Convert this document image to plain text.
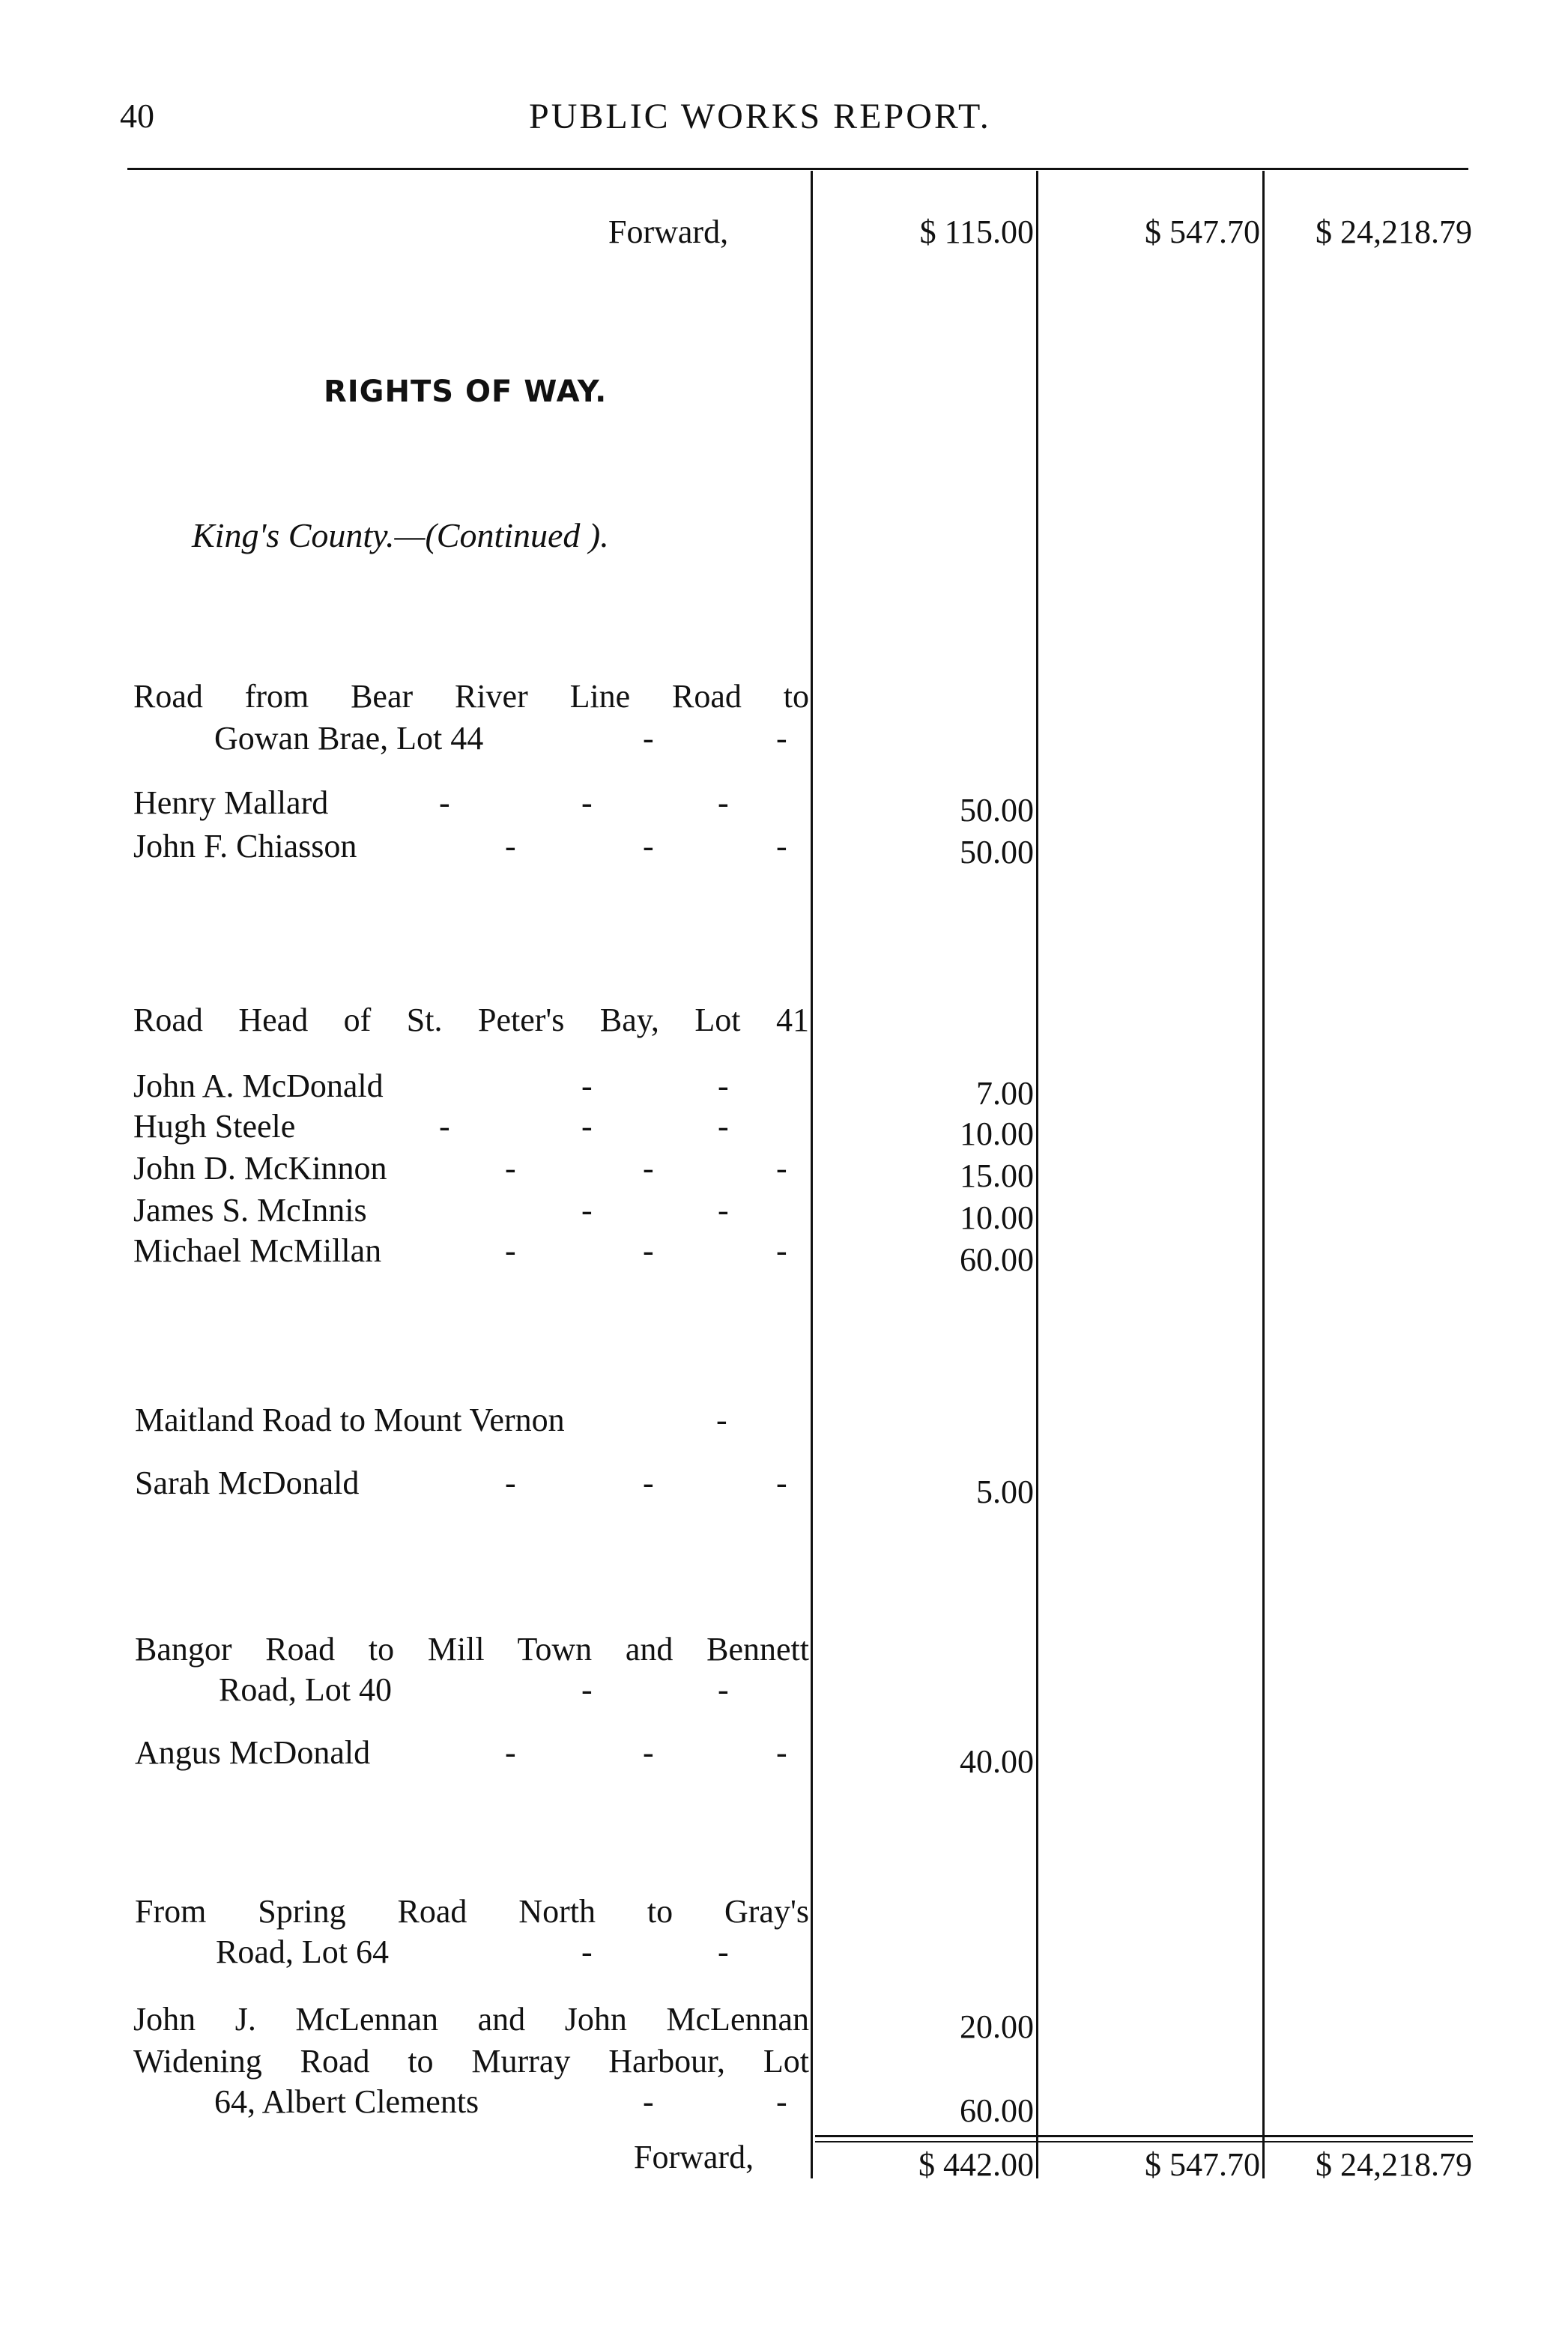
40	PUBLIC WORKS REPORT.
Forward,	$ 115.00	$ 547.70	$ 24,218.79
RIGHTS OF WAY.
King's County.—(Continued ).
Road from Bear River Line Road to
Gowan Brae, Lot 44	-	-
Henry Mallard	-	-	-	50.00
John F. Chiasson	-	-	-	50.00
Road Head of St. Peter's Bay, Lot 41
John A. McDonald	-	-	7.00
Hugh Steele	-	-	-	10.00
John D. McKinnon	-	-	-	15.00
James S. McInnis	-	-	10.00
Michael McMillan	-	-	-	60.00
Maitland Road to Mount Vernon	-
Sarah McDonald	-	-	-	5.00
Bangor Road to Mill Town and Bennett
Road, Lot 40	-	-
Angus McDonald	-	-	-	40.00
From Spring Road North to Gray's
Road, Lot 64	-	-
John J. McLennan and John McLennan	20.00
Widening Road to Murray Harbour, Lot
64, Albert Clements	-	-	60.00
Forward,	$ 442.00	$ 547.70	$ 24,218.79
